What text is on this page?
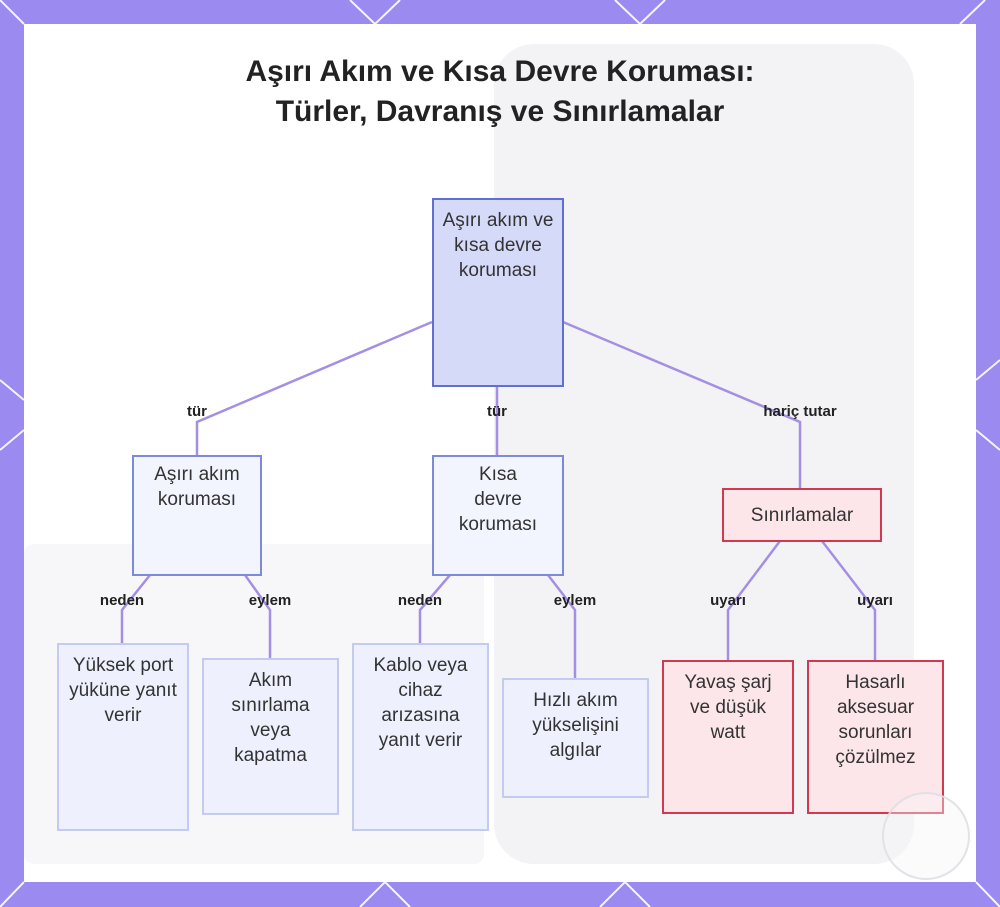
Aşırı Akım ve Kısa Devre Koruması:
Türler, Davranış ve Sınırlamalar
tür	tür	hariç tutar
neden	eylem	neden	eylem	uyarı	uyarı
Aşırı akım ve kısa devre koruması
Aşırı akım koruması
Kısa devre koruması	Sınırlamalar
Yüksek port yüküne yanıt verir
Akım sınırlama veya kapatma
Kablo veya cihaz arızasına yanıt verir
Hızlı akım yükselişini algılar
Yavaş şarj ve düşük watt
Hasarlı aksesuar sorunları çözülmez
